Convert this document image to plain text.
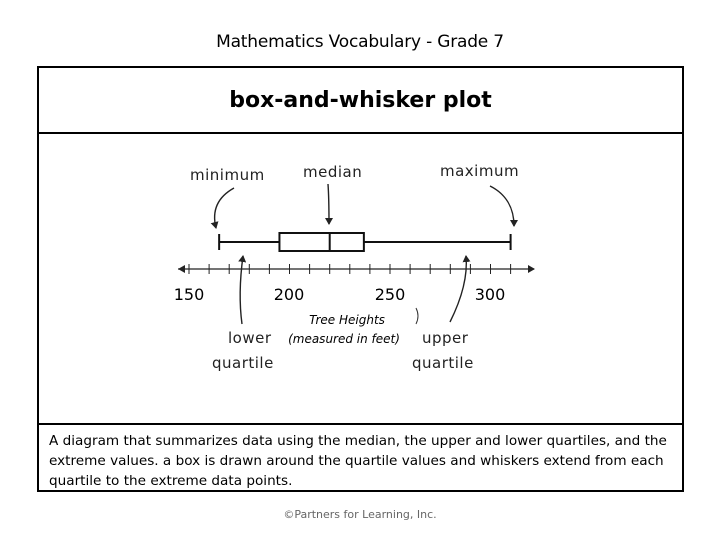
Mathematics Vocabulary - Grade 7
box-and-whisker plot
minimum	median	maximum
150	200	250	300
Tree Heights
(measured in feet)
lower
quartile
upper
quartile
A diagram that summarizes data using the median, the upper and lower quartiles, and the extreme values. a box is drawn around the quartile values and whiskers extend from each quartile to the extreme data points.
©Partners for Learning, Inc.
